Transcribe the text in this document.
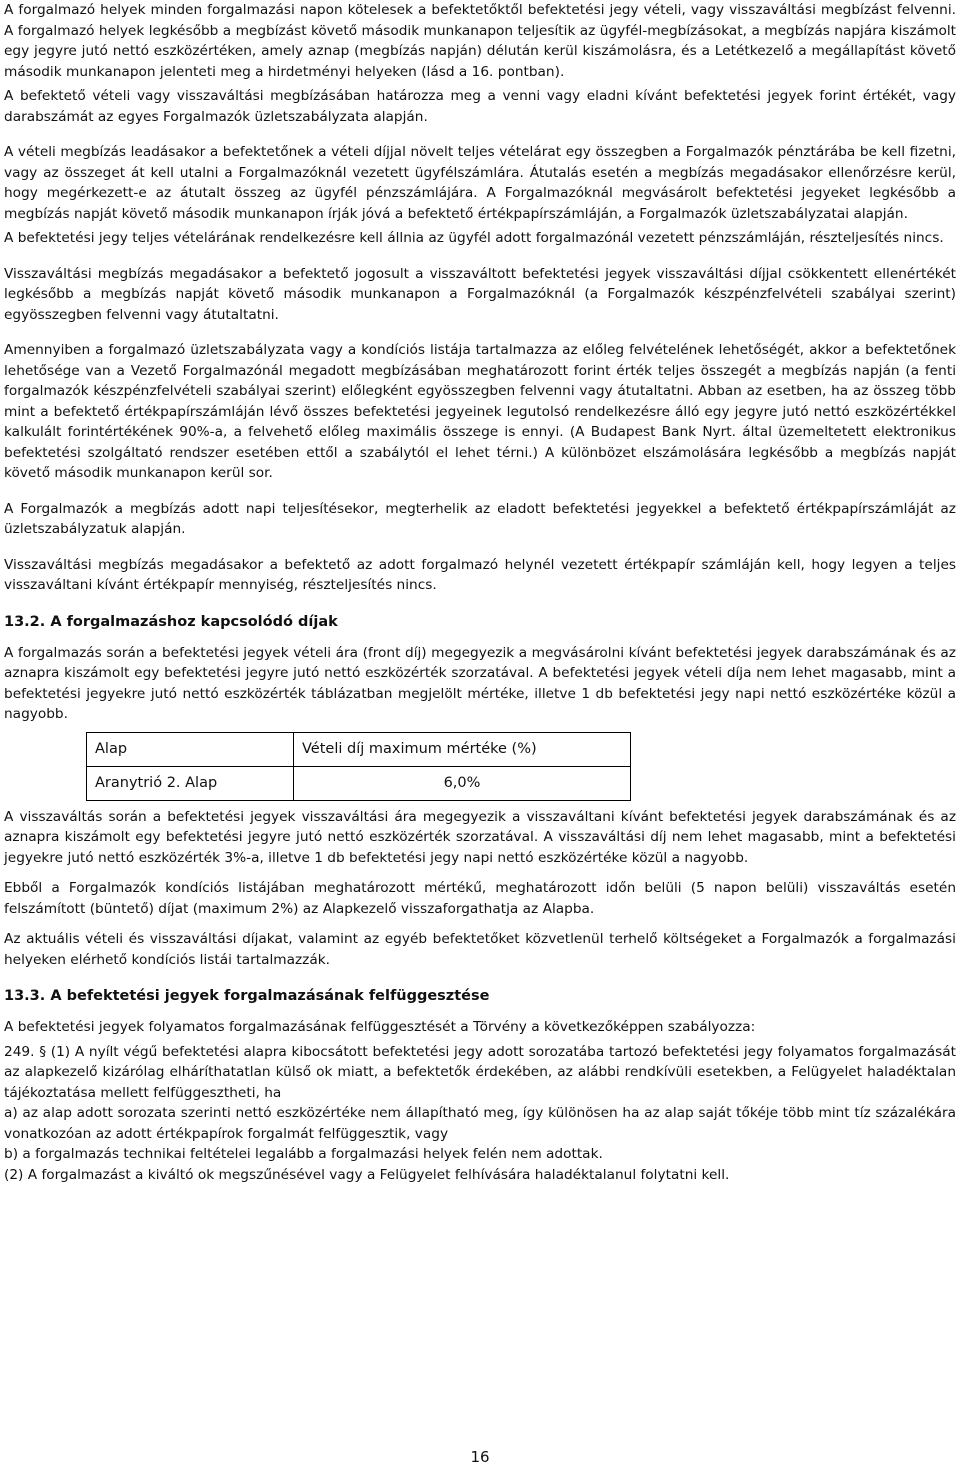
A forgalmazó helyek minden forgalmazási napon kötelesek a befektetőktől befektetési jegy vételi, vagy visszaváltási megbízást felvenni. A forgalmazó helyek legkésőbb a megbízást követő második munkanapon teljesítik az ügyfél-megbízásokat, a megbízás napjára kiszámolt egy jegyre jutó nettó eszközértéken, amely aznap (megbízás napján) délután kerül kiszámolásra, és a Letétkezelő a megállapítást követő második munkanapon jelenteti meg a hirdetményi helyeken (lásd a 16. pontban).

A befektető vételi vagy visszaváltási megbízásában határozza meg a venni vagy eladni kívánt befektetési jegyek forint értékét, vagy darabszámát az egyes Forgalmazók üzletszabályzata alapján.

A vételi megbízás leadásakor a befektetőnek a vételi díjjal növelt teljes vételárat egy összegben a Forgalmazók pénztárába be kell fizetni, vagy az összeget át kell utalni a Forgalmazóknál vezetett ügyfélszámlára. Átutalás esetén a megbízás megadásakor ellenőrzésre kerül, hogy megérkezett-e az átutalt összeg az ügyfél pénzszámlájára. A Forgalmazóknál megvásárolt befektetési jegyeket legkésőbb a megbízás napját követő második munkanapon írják jóvá a befektető értékpapírszámláján, a Forgalmazók üzletszabályzatai alapján.

A befektetési jegy teljes vételárának rendelkezésre kell állnia az ügyfél adott forgalmazónál vezetett pénzszámláján, részteljesítés nincs.

Visszaváltási megbízás megadásakor a befektető jogosult a visszaváltott befektetési jegyek visszaváltási díjjal csökkentett ellenértékét legkésőbb a megbízás napját követő második munkanapon a Forgalmazóknál (a Forgalmazók készpénzfelvételi szabályai szerint) egyösszegben felvenni vagy átutaltatni.

Amennyiben a forgalmazó üzletszabályzata vagy a kondíciós listája tartalmazza az előleg felvételének lehetőségét, akkor a befektetőnek lehetősége van a Vezető Forgalmazónál megadott megbízásában meghatározott forint érték teljes összegét a megbízás napján (a fenti forgalmazók készpénzfelvételi szabályai szerint) előlegként egyösszegben felvenni vagy átutaltatni. Abban az esetben, ha az összeg több mint a befektető értékpapírszámláján lévő összes befektetési jegyeinek legutolsó rendelkezésre álló egy jegyre jutó nettó eszközértékkel kalkulált forintértékének 90%-a, a felvehető előleg maximális összege is ennyi. (A Budapest Bank Nyrt. által üzemeltetett elektronikus befektetési szolgáltató rendszer esetében ettől a szabálytól el lehet térni.) A különbözet elszámolására legkésőbb a megbízás napját követő második munkanapon kerül sor.

A Forgalmazók a megbízás adott napi teljesítésekor, megterhelik az eladott befektetési jegyekkel a befektető értékpapírszámláját az üzletszabályzatuk alapján.

Visszaváltási megbízás megadásakor a befektető az adott forgalmazó helynél vezetett értékpapír számláján kell, hogy legyen a teljes visszaváltani kívánt értékpapír mennyiség, részteljesítés nincs.

13.2. A forgalmazáshoz kapcsolódó díjak

A forgalmazás során a befektetési jegyek vételi ára (front díj) megegyezik a megvásárolni kívánt befektetési jegyek darabszámának és az aznapra kiszámolt egy befektetési jegyre jutó nettó eszközérték szorzatával. A befektetési jegyek vételi díja nem lehet magasabb, mint a befektetési jegyekre jutó nettó eszközérték táblázatban megjelölt mértéke, illetve 1 db befektetési jegy napi nettó eszközértéke közül a nagyobb.

Alap	Vételi díj maximum mértéke (%)
Aranytrió 2. Alap	6,0%

A visszaváltás során a befektetési jegyek visszaváltási ára megegyezik a visszaváltani kívánt befektetési jegyek darabszámának és az aznapra kiszámolt egy befektetési jegyre jutó nettó eszközérték szorzatával. A visszaváltási díj nem lehet magasabb, mint a befektetési jegyekre jutó nettó eszközérték 3%-a, illetve 1 db befektetési jegy napi nettó eszközértéke közül a nagyobb.

Ebből a Forgalmazók kondíciós listájában meghatározott mértékű, meghatározott időn belüli (5 napon belüli) visszaváltás esetén felszámított (büntető) díjat (maximum 2%) az Alapkezelő visszaforgathatja az Alapba.

Az aktuális vételi és visszaváltási díjakat, valamint az egyéb befektetőket közvetlenül terhelő költségeket a Forgalmazók a forgalmazási helyeken elérhető kondíciós listái tartalmazzák.

13.3. A befektetési jegyek forgalmazásának felfüggesztése

A befektetési jegyek folyamatos forgalmazásának felfüggesztését a Törvény a következőképpen szabályozza:

249. § (1) A nyílt végű befektetési alapra kibocsátott befektetési jegy adott sorozatába tartozó befektetési jegy folyamatos forgalmazását az alapkezelő kizárólag elháríthatatlan külső ok miatt, a befektetők érdekében, az alábbi rendkívüli esetekben, a Felügyelet haladéktalan tájékoztatása mellett felfüggesztheti, ha

a) az alap adott sorozata szerinti nettó eszközértéke nem állapítható meg, így különösen ha az alap saját tőkéje több mint tíz százalékára vonatkozóan az adott értékpapírok forgalmát felfüggesztik, vagy

b) a forgalmazás technikai feltételei legalább a forgalmazási helyek felén nem adottak.

(2) A forgalmazást a kiváltó ok megszűnésével vagy a Felügyelet felhívására haladéktalanul folytatni kell.

16
